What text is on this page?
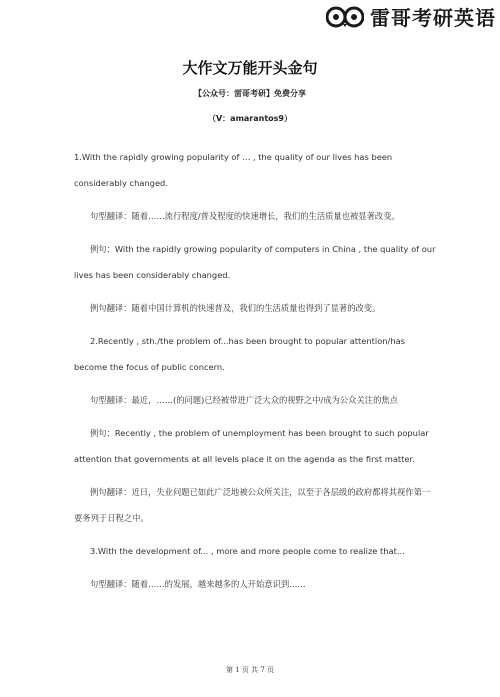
雷哥考研英语
大作文万能开头金句
【公众号：雷哥考研】免费分享
（V：amarantos9）

1.With the rapidly growing popularity of … , the quality of our lives has been considerably changed.

句型翻译：随着……流行程度/普及程度的快速增长，我们的生活质量也被显著改变。

例句：With the rapidly growing popularity of computers in China , the quality of our lives has been considerably changed.

例句翻译：随着中国计算机的快速普及，我们的生活质量也得到了显著的改变。

2.Recently , sth./the problem of...has been brought to popular attention/has become the focus of public concern.

句型翻译：最近，……(的问题)已经被带进广泛大众的视野之中/成为公众关注的焦点

例句：Recently , the problem of unemployment has been brought to such popular attention that governments at all levels place it on the agenda as the first matter.

例句翻译：近日，失业问题已如此广泛地被公众所关注，以至于各层级的政府都将其视作第一要务列于日程之中。

3.With the development of... , more and more people come to realize that...

句型翻译：随着……的发展，越来越多的人开始意识到……

第 1 页 共 7 页
